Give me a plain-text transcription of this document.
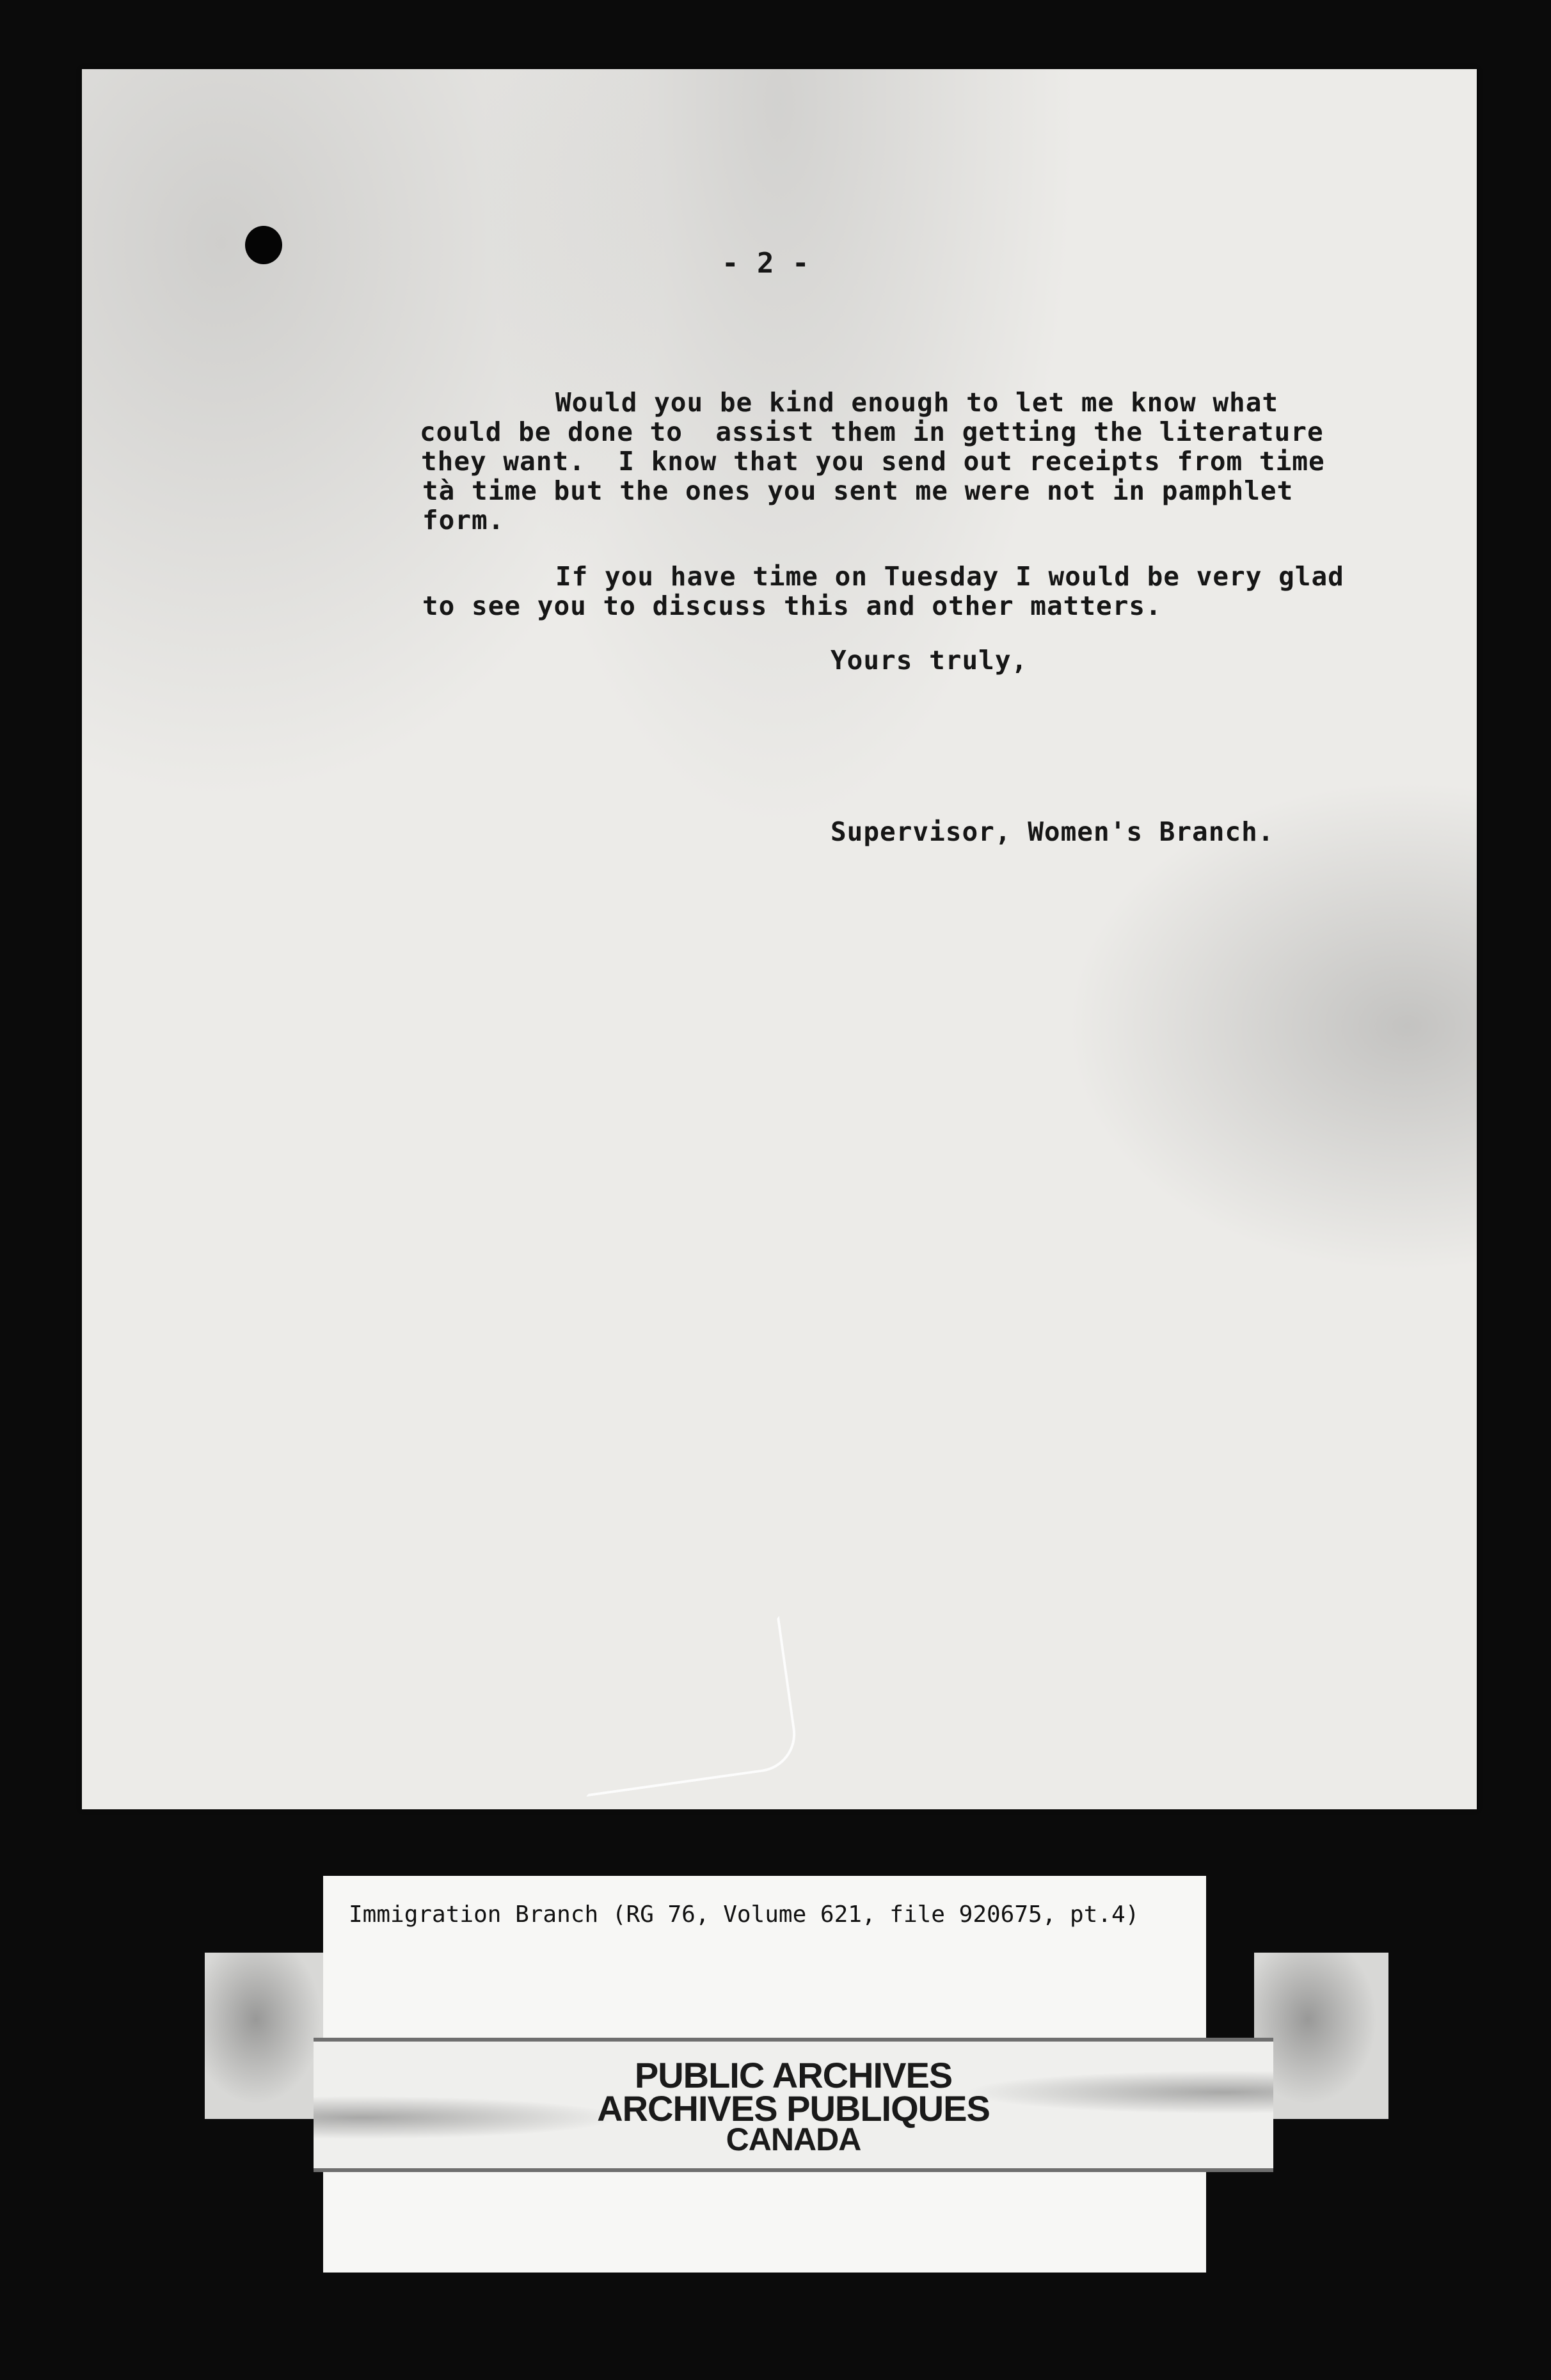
- 2 -
Would you be kind enough to let me know what
could be done to  assist them in getting the literature
they want.  I know that you send out receipts from time
tà time but the ones you sent me were not in pamphlet
form.
If you have time on Tuesday I would be very glad
to see you to discuss this and other matters.
Yours truly,
Supervisor, Women's Branch.
Immigration Branch (RG 76, Volume 621, file 920675, pt.4)
PUBLIC ARCHIVES
ARCHIVES PUBLIQUES
CANADA
